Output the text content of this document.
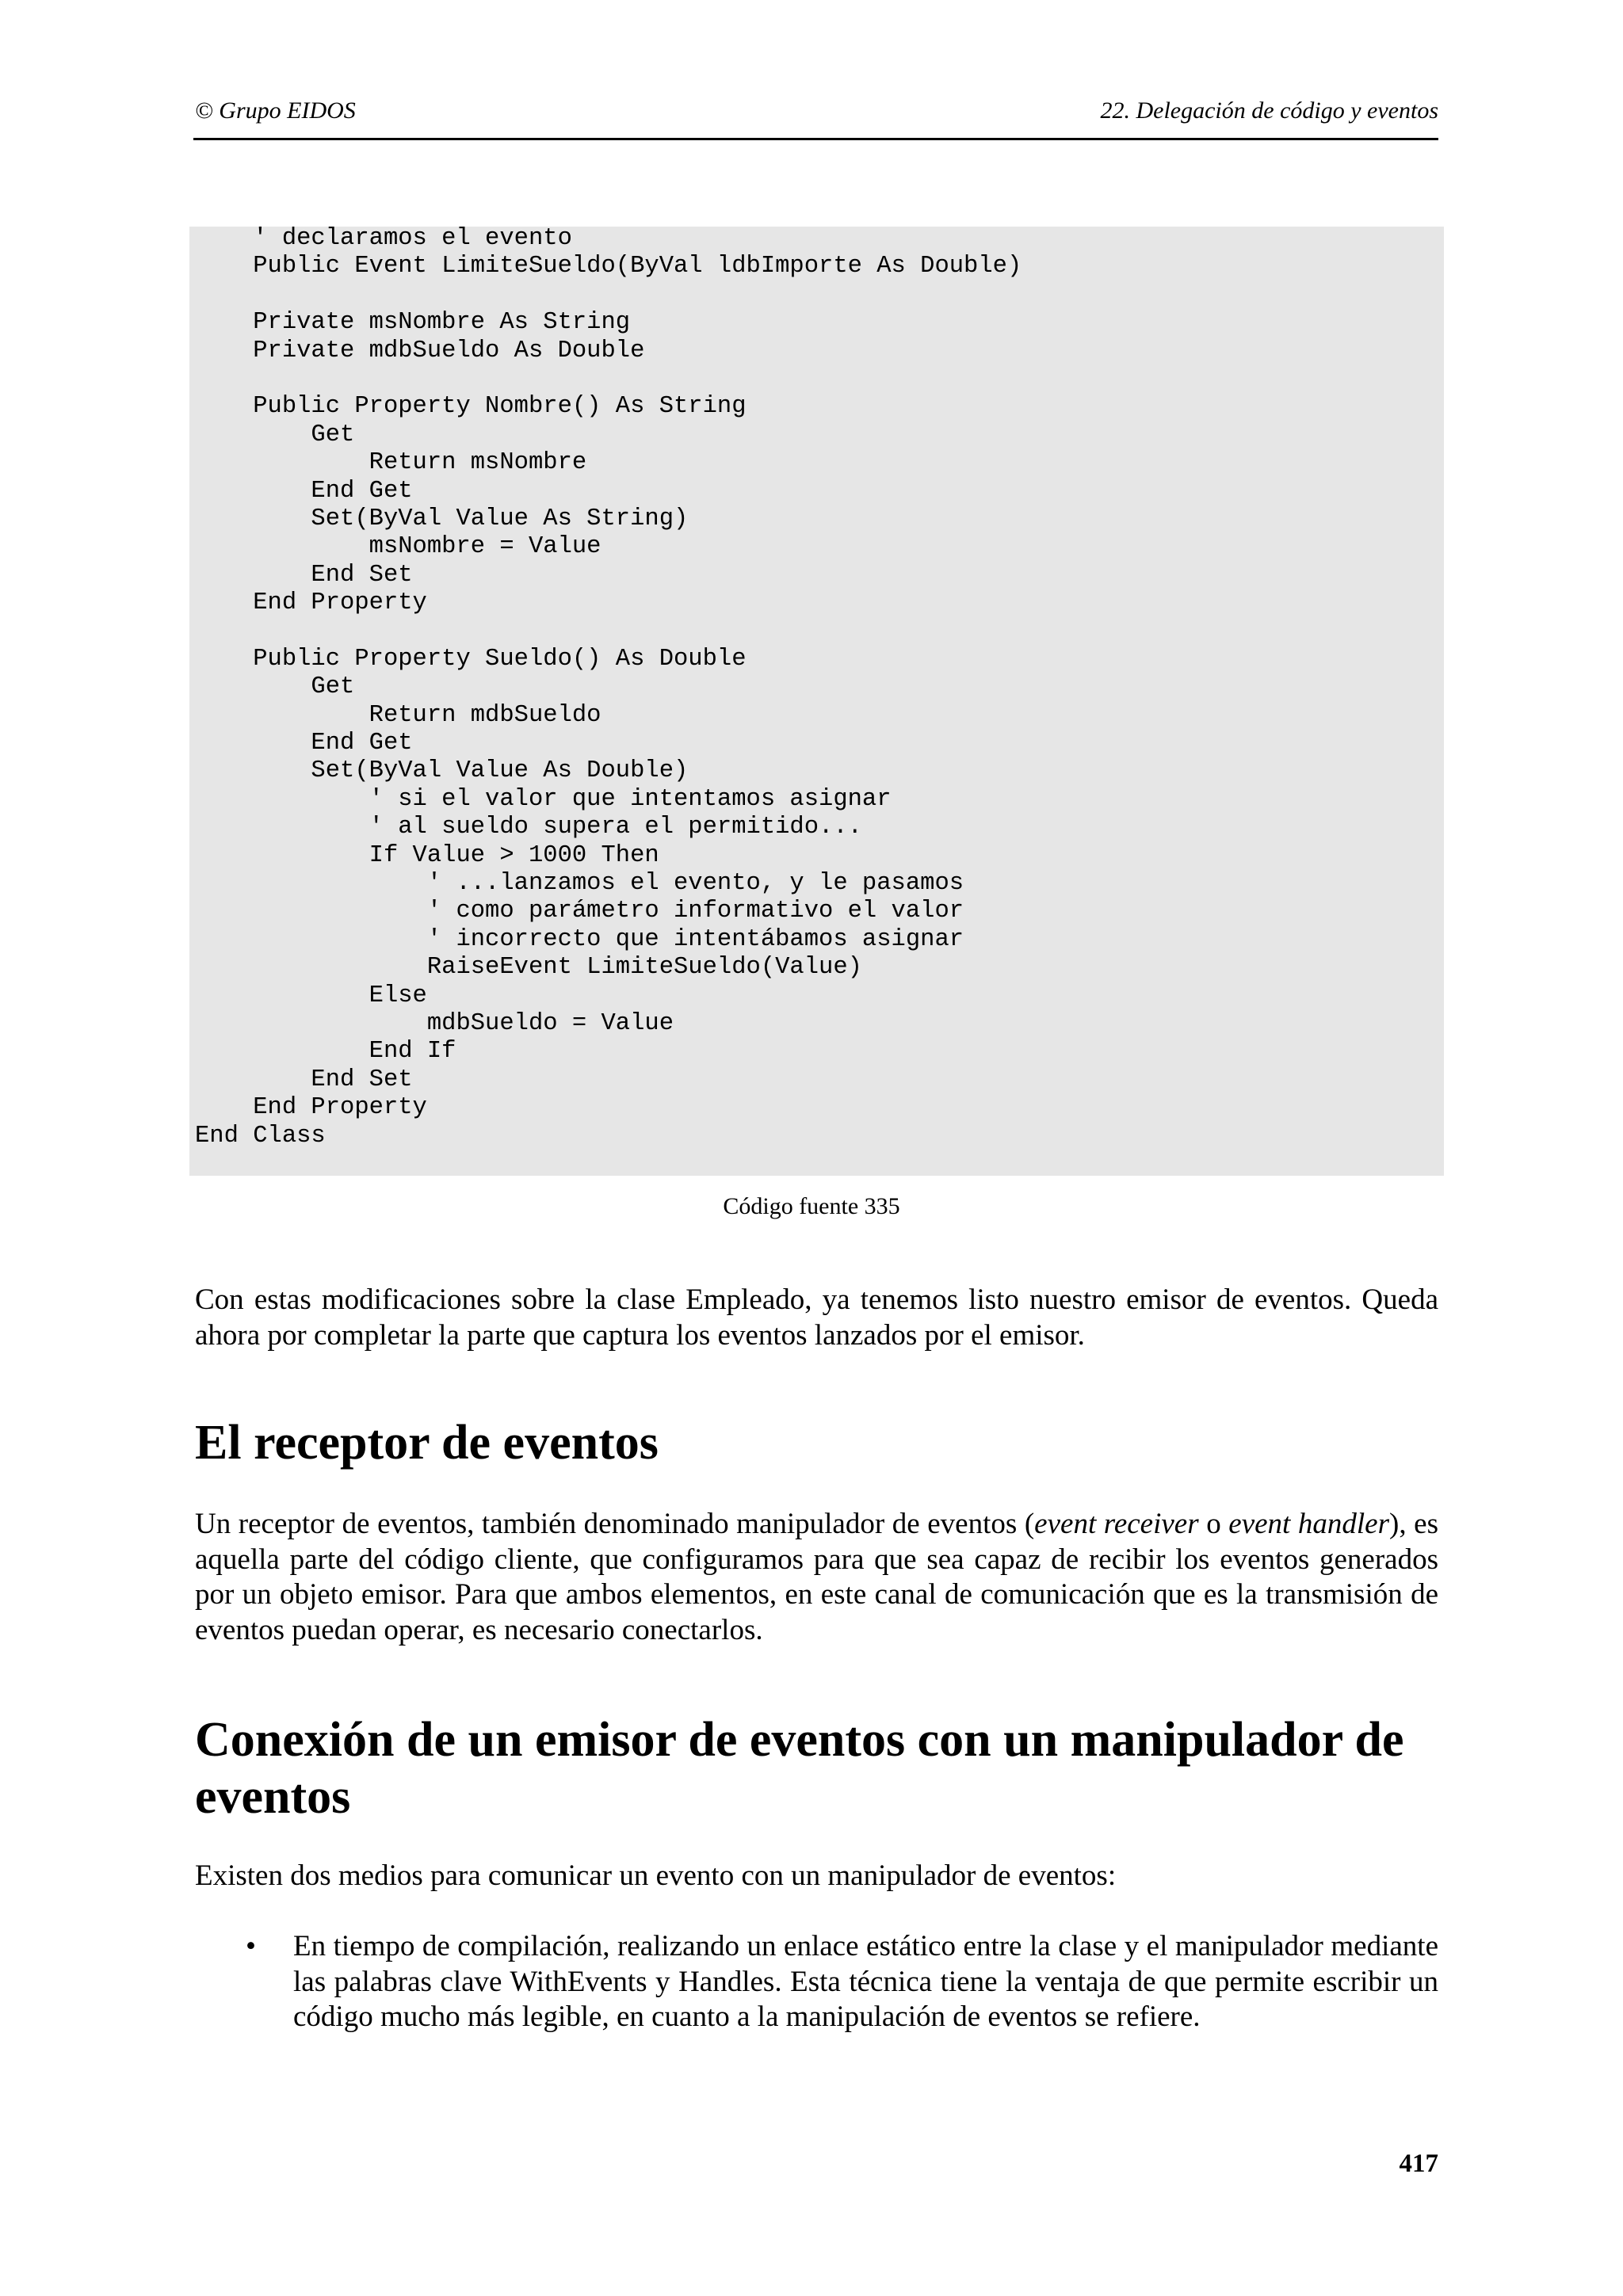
© Grupo EIDOS	22. Delegación de código y eventos
' declaramos el evento
Public Event LimiteSueldo(ByVal ldbImporte As Double)
Private msNombre As String
Private mdbSueldo As Double
Public Property Nombre() As String
Get
Return msNombre
End Get
Set(ByVal Value As String)
msNombre = Value
End Set
End Property
Public Property Sueldo() As Double
Get
Return mdbSueldo
End Get
Set(ByVal Value As Double)
' si el valor que intentamos asignar
' al sueldo supera el permitido...
If Value > 1000 Then
' ...lanzamos el evento, y le pasamos
' como parámetro informativo el valor
' incorrecto que intentábamos asignar
RaiseEvent LimiteSueldo(Value)
Else
mdbSueldo = Value
End If
End Set
End Property
End Class
Código fuente 335
Con estas modificaciones sobre la clase Empleado, ya tenemos listo nuestro emisor de eventos. Queda ahora por completar la parte que captura los eventos lanzados por el emisor.
El receptor de eventos
Un receptor de eventos, también denominado manipulador de eventos (event receiver o event handler), es aquella parte del código cliente, que configuramos para que sea capaz de recibir los eventos generados por un objeto emisor. Para que ambos elementos, en este canal de comunicación que es la transmisión de eventos puedan operar, es necesario conectarlos.
Conexión de un emisor de eventos con un manipulador de eventos
Existen dos medios para comunicar un evento con un manipulador de eventos:
• En tiempo de compilación, realizando un enlace estático entre la clase y el manipulador mediante las palabras clave WithEvents y Handles. Esta técnica tiene la ventaja de que permite escribir un código mucho más legible, en cuanto a la manipulación de eventos se refiere.
417
